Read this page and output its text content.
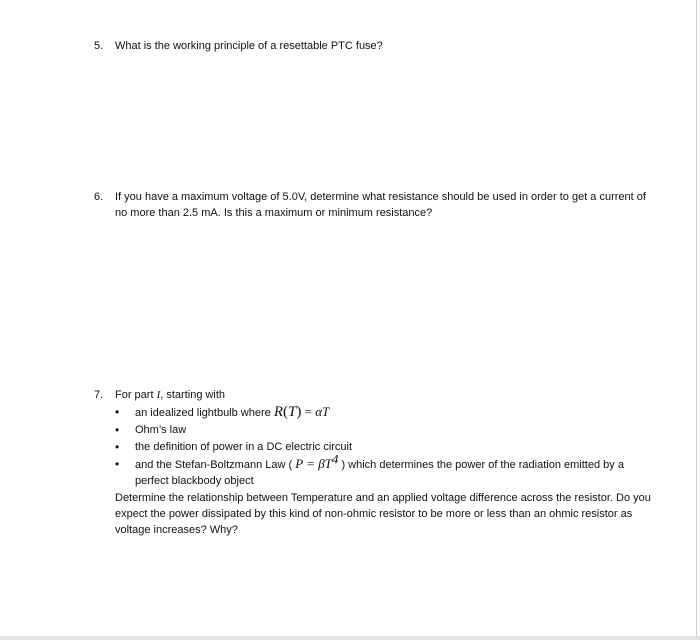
5.	What is the working principle of a resettable PTC fuse?
6.	If you have a maximum voltage of 5.0V, determine what resistance should be used in order to get a current of no more than 2.5 mA. Is this a maximum or minimum resistance?
7.	For part I, starting with
• an idealized lightbulb where R(T) = αT
• Ohm’s law
• the definition of power in a DC electric circuit
• and the Stefan-Boltzmann Law ( $P = \beta T^4$ ) which determines the power of the radiation emitted by a perfect blackbody object
Determine the relationship between Temperature and an applied voltage difference across the resistor. Do you expect the power dissipated by this kind of non-ohmic resistor to be more or less than an ohmic resistor as voltage increases? Why?
